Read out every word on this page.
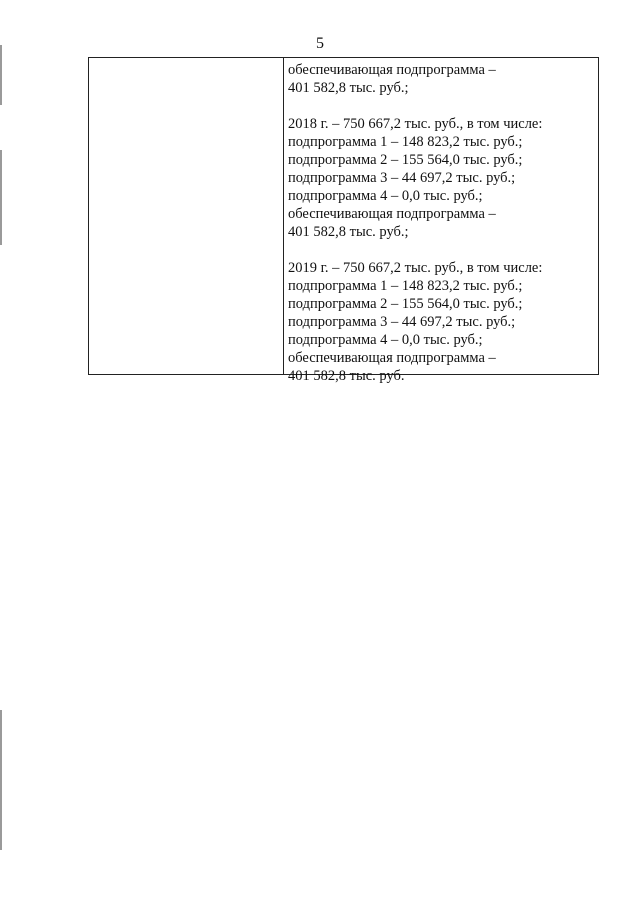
5
обеспечивающая подпрограмма –
401 582,8 тыс. руб.;
2018 г. – 750 667,2 тыс. руб., в том числе:
подпрограмма 1 – 148 823,2 тыс. руб.;
подпрограмма 2 – 155 564,0 тыс. руб.;
подпрограмма 3 – 44 697,2 тыс. руб.;
подпрограмма 4 – 0,0 тыс. руб.;
обеспечивающая подпрограмма –
401 582,8 тыс. руб.;
2019 г. – 750 667,2 тыс. руб., в том числе:
подпрограмма 1 – 148 823,2 тыс. руб.;
подпрограмма 2 – 155 564,0 тыс. руб.;
подпрограмма 3 – 44 697,2 тыс. руб.;
подпрограмма 4 – 0,0 тыс. руб.;
обеспечивающая подпрограмма –
401 582,8 тыс. руб.
